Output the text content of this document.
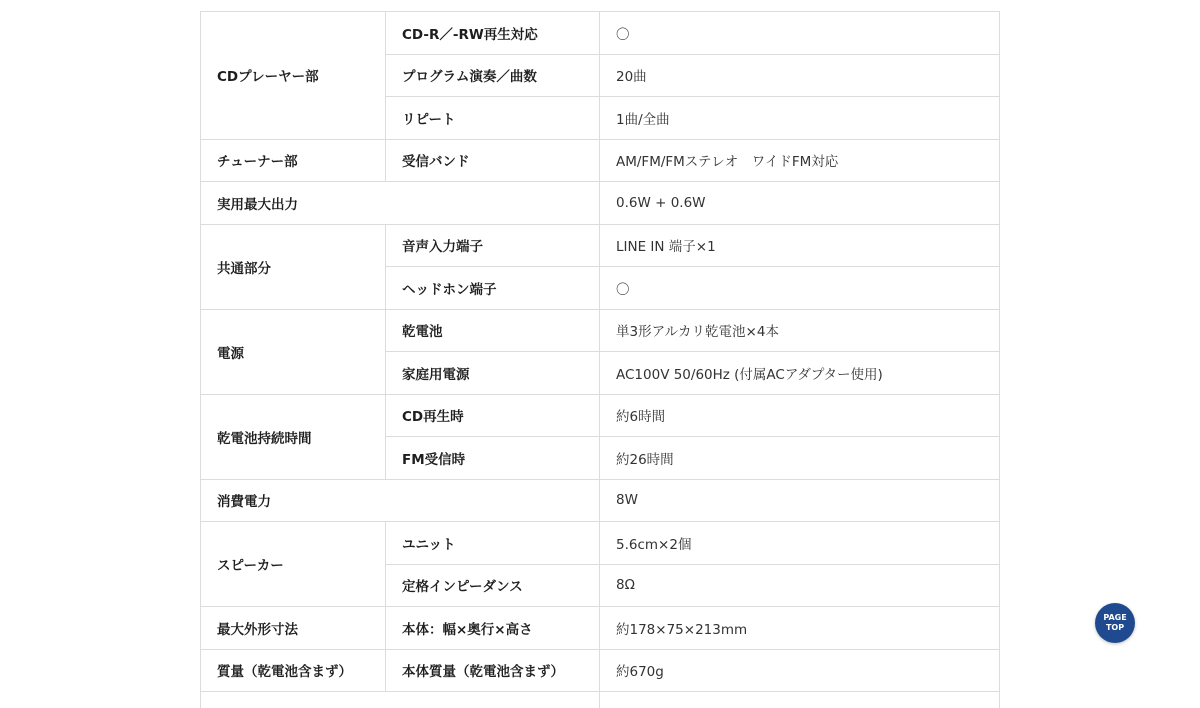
CDプレーヤー部	CD-R／-RW再生対応	〇
	プログラム演奏／曲数	20曲
	リピート	1曲/全曲
チューナー部	受信バンド	AM/FM/FMステレオ　ワイドFM対応
実用最大出力		0.6W + 0.6W
共通部分	音声入力端子	LINE IN 端子×1
	ヘッドホン端子	〇
電源	乾電池	単3形アルカリ乾電池×4本
	家庭用電源	AC100V 50/60Hz (付属ACアダプター使用)
乾電池持続時間	CD再生時	約6時間
	FM受信時	約26時間
消費電力		8W
スピーカー	ユニット	5.6cm×2個
	定格インピーダンス	8Ω
最大外形寸法	本体：幅×奥行×高さ	約178×75×213mm
質量（乾電池含まず）	本体質量（乾電池含まず）	約670g

PAGE
TOP
